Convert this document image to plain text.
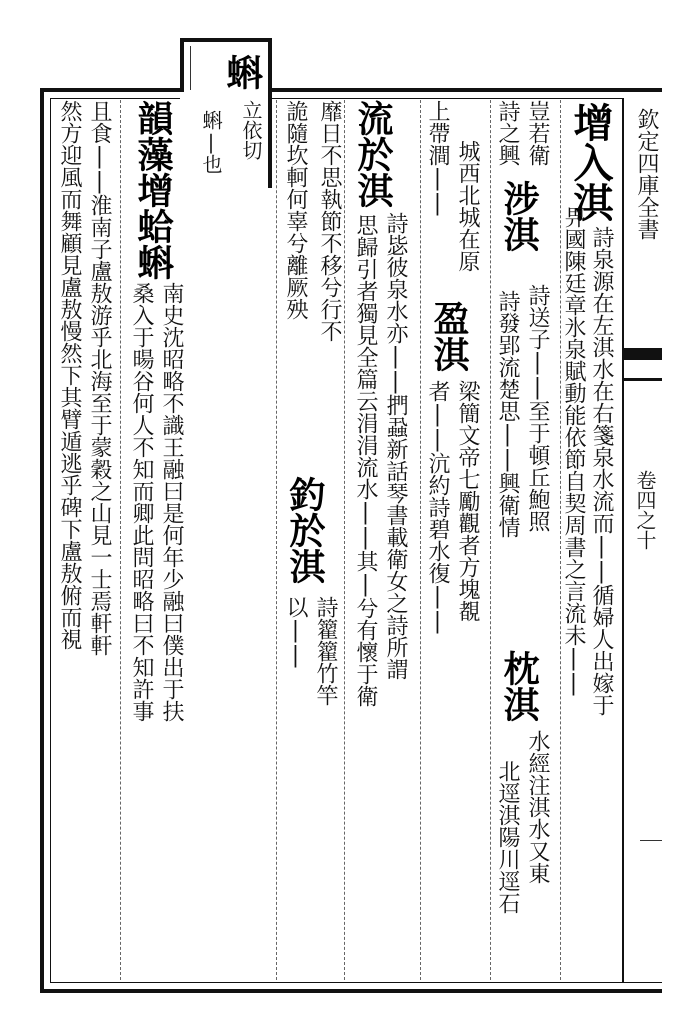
欽定四庫全書

卷四之十

蝌

立依切

蝌|也	增入淇

詩泉源在左淇水在右箋泉水流而||循婦人出嫁于

畀國陳廷章氷泉賦動能依節自契周書之言流未||

豈若衛

涉淇

詩送子||至于頓丘鮑照

詩之興

詩發郢流楚思||興衛情

枕淇

水經注淇水又東

北逕淇陽川逕石

城西北城在原

盈淇

梁簡文帝七勵觀者方塊覩

上帶澗||

者||沆約詩碧水復||

流於淇

詩毖彼泉水亦||捫蝨新話琴書載衛女之詩所謂

思歸引者獨見全篇云涓涓流水||其|兮有懷于衛

靡日不思執節不移兮行不

釣於淇

詩籊籊竹竿

詭隨坎軻何辜兮離厥殃

以||

韻藻增蛤蝌

南史沈昭略不識王融曰是何年少融曰僕出于扶

桑入于暘谷何人不知而卿此問昭略曰不知許事

且食||淮南子盧敖游乎北海至于蒙穀之山見一士焉軒軒

然方迎風而舞顧見盧敖慢然下其臂遁逃乎碑下盧敖俯而視
